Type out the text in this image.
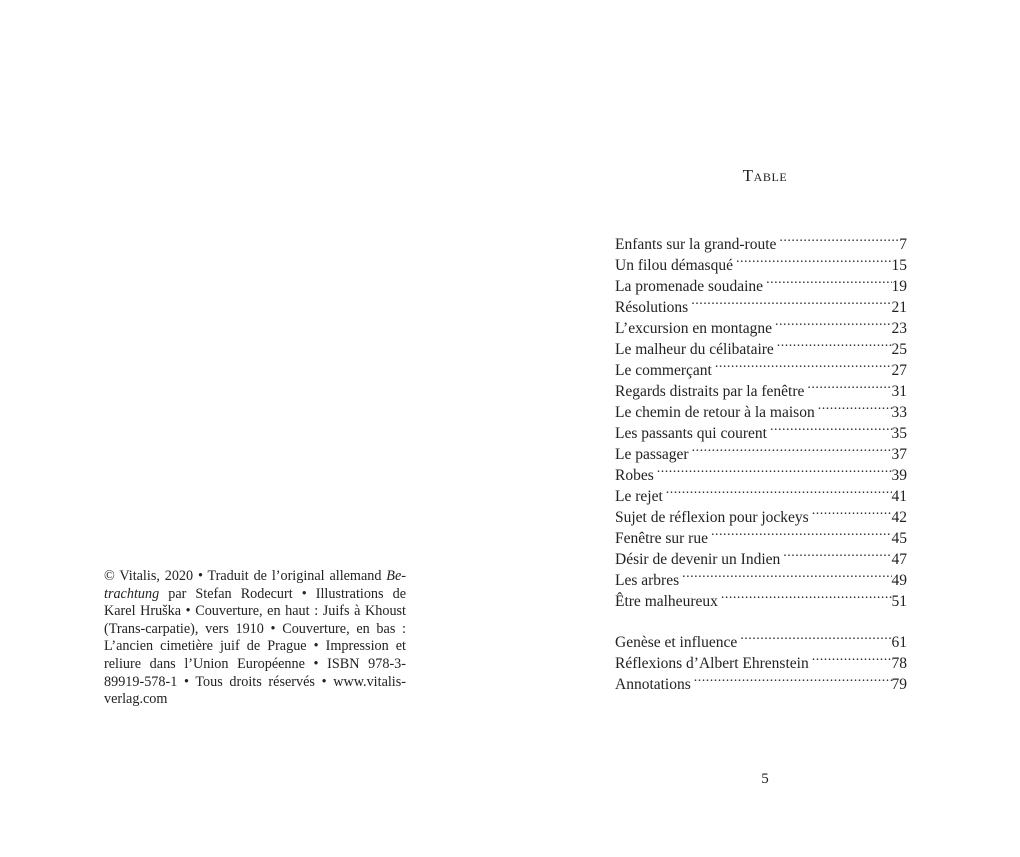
© Vitalis, 2020 • Traduit de l’original allemand Be-trachtung par Stefan Rodecurt • Illustrations de Karel Hruška • Couverture, en haut : Juifs à Khoust (Trans-carpatie), vers 1910 • Couverture, en bas : L’ancien cimetière juif de Prague • Impression et reliure dans l’Union Européenne • ISBN 978-3-89919-578-1 • Tous droits réservés • www.vitalis-verlag.com
Table
Enfants sur la grand-route .....	7
Un filou démasqué .....	15
La promenade soudaine .....	19
Résolutions .....	21
L’excursion en montagne .....	23
Le malheur du célibataire .....	25
Le commerçant .....	27
Regards distraits par la fenêtre .....	31
Le chemin de retour à la maison .....	33
Les passants qui courent .....	35
Le passager .....	37
Robes .....	39
Le rejet .....	41
Sujet de réflexion pour jockeys .....	42
Fenêtre sur rue .....	45
Désir de devenir un Indien .....	47
Les arbres .....	49
Être malheureux .....	51
Genèse et influence .....	61
Réflexions d’Albert Ehrenstein .....	78
Annotations .....	79
5
